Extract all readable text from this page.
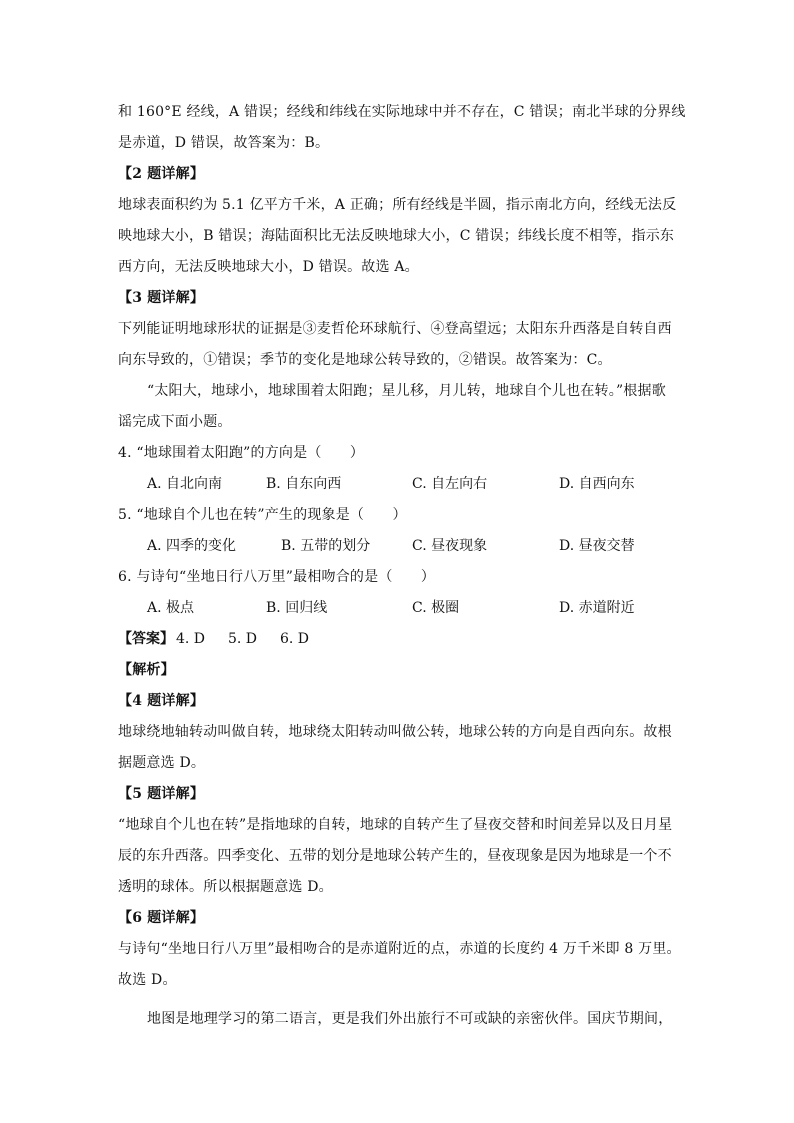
和 160°E 经线，A 错误；经线和纬线在实际地球中并不存在，C 错误；南北半球的分界线
是赤道，D 错误，故答案为：B。
【2 题详解】
地球表面积约为 5.1 亿平方千米，A 正确；所有经线是半圆，指示南北方向，经线无法反
映地球大小，B 错误；海陆面积比无法反映地球大小，C 错误；纬线长度不相等，指示东
西方向，无法反映地球大小，D 错误。故选 A。
【3 题详解】
下列能证明地球形状的证据是③麦哲伦环球航行、④登高望远；太阳东升西落是自转自西
向东导致的，①错误；季节的变化是地球公转导致的，②错误。故答案为：C。
“太阳大，地球小，地球围着太阳跑；星儿移，月儿转，地球自个儿也在转。”根据歌
谣完成下面小题。
4. “地球围着太阳跑”的方向是（　　）
A. 自北向南	B. 自东向西	C. 自左向右	D. 自西向东
5. “地球自个儿也在转”产生的现象是（　　）
A. 四季的变化	B. 五带的划分	C. 昼夜现象	D. 昼夜交替
6. 与诗句“坐地日行八万里”最相吻合的是（　　）
A. 极点	B. 回归线	C. 极圈	D. 赤道附近
【答案】 4. D 5. D 6. D
【解析】
【4 题详解】
地球绕地轴转动叫做自转，地球绕太阳转动叫做公转，地球公转的方向是自西向东。故根
据题意选 D。
【5 题详解】
“地球自个儿也在转”是指地球的自转，地球的自转产生了昼夜交替和时间差异以及日月星
辰的东升西落。四季变化、五带的划分是地球公转产生的，昼夜现象是因为地球是一个不
透明的球体。所以根据题意选 D。
【6 题详解】
与诗句“坐地日行八万里”最相吻合的是赤道附近的点，赤道的长度约 4 万千米即 8 万里。
故选 D。
地图是地理学习的第二语言，更是我们外出旅行不可或缺的亲密伙伴。国庆节期间，
